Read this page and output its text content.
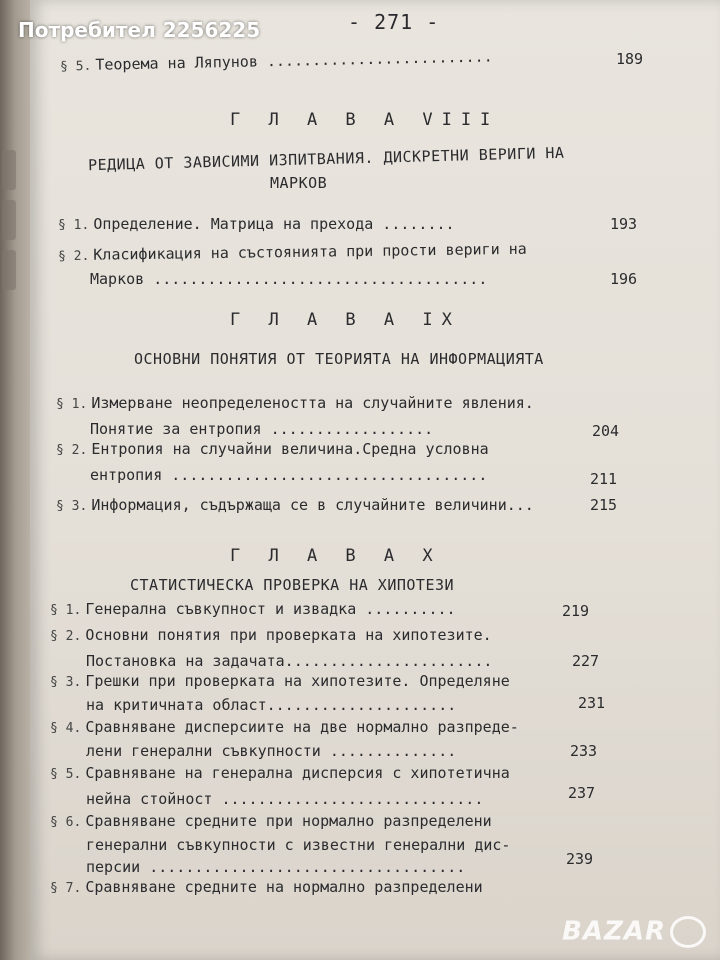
- 271 -
§ 5. Теорема на Ляпунов .........................	189
Г Л А В А VIII
РЕДИЦА ОТ ЗАВИСИМИ ИЗПИТВАНИЯ. ДИСКРЕТНИ ВЕРИГИ НА
МАРКОВ
§ 1. Определение. Матрица на прехода ........	193
§ 2. Класификация на състоянията при прости вериги на
Марков .....................................	196
Г Л А В А IX
ОСНОВНИ ПОНЯТИЯ ОТ ТЕОРИЯТА НА ИНФОРМАЦИЯТА
§ 1. Измерване неопределеността на случайните явления.
Понятие за ентропия ..................	204
§ 2. Ентропия на случайни величина.Средна условна
ентропия ...................................	211
§ 3. Информация, съдържаща се в случайните величини...	215
Г Л А В А X
СТАТИСТИЧЕСКА ПРОВЕРКА НА ХИПОТЕЗИ
§ 1. Генерална съвкупност и извадка ..........	219
§ 2. Основни понятия при проверката на хипотезите.
Постановка на задачата.......................	227
§ 3. Грешки при проверката на хипотезите. Определяне
на критичната област.....................	231
§ 4. Сравняване дисперсиите на две нормално разпреде-
лени генерални съвкупности ..............	233
§ 5. Сравняване на генерална дисперсия с хипотетична
нейна стойност .............................	237
§ 6. Сравняване средните при нормално разпределени
генерални съвкупности с известни генерални дис-
персии ...................................	239
§ 7. Сравняване средните на нормално разпределени
BAZAR
Потребител 2256225
